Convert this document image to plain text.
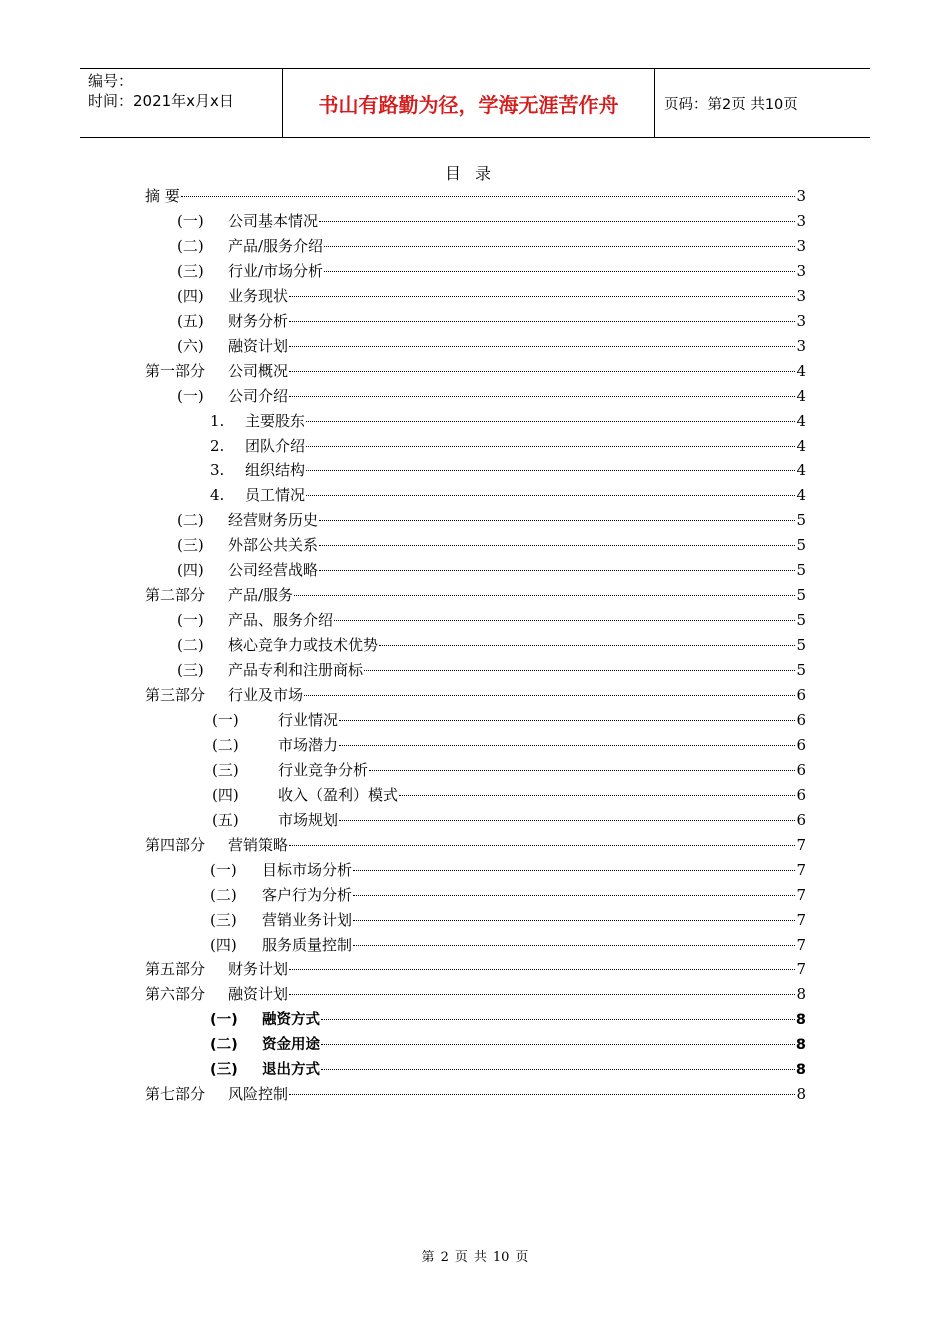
编号：
时间：2021年x月x日	书山有路勤为径，学海无涯苦作舟	页码：第2页 共10页
目录
摘 要	3
(一)	公司基本情况	3
(二)	产品/服务介绍	3
(三)	行业/市场分析	3
(四)	业务现状	3
(五)	财务分析	3
(六)	融资计划	3
第一部分	公司概况	4
(一)	公司介绍	4
1.	主要股东	4
2.	团队介绍	4
3.	组织结构	4
4.	员工情况	4
(二)	经营财务历史	5
(三)	外部公共关系	5
(四)	公司经营战略	5
第二部分	产品/服务	5
(一)	产品、服务介绍	5
(二)	核心竞争力或技术优势	5
(三)	产品专利和注册商标	5
第三部分	行业及市场	6
(一)	行业情况	6
(二)	市场潜力	6
(三)	行业竞争分析	6
(四)	收入（盈利）模式	6
(五)	市场规划	6
第四部分	营销策略	7
(一)	目标市场分析	7
(二)	客户行为分析	7
(三)	营销业务计划	7
(四)	服务质量控制	7
第五部分	财务计划	7
第六部分	融资计划	8
(一)	融资方式	8
(二)	资金用途	8
(三)	退出方式	8
第七部分	风险控制	8
第 2 页 共 10 页
